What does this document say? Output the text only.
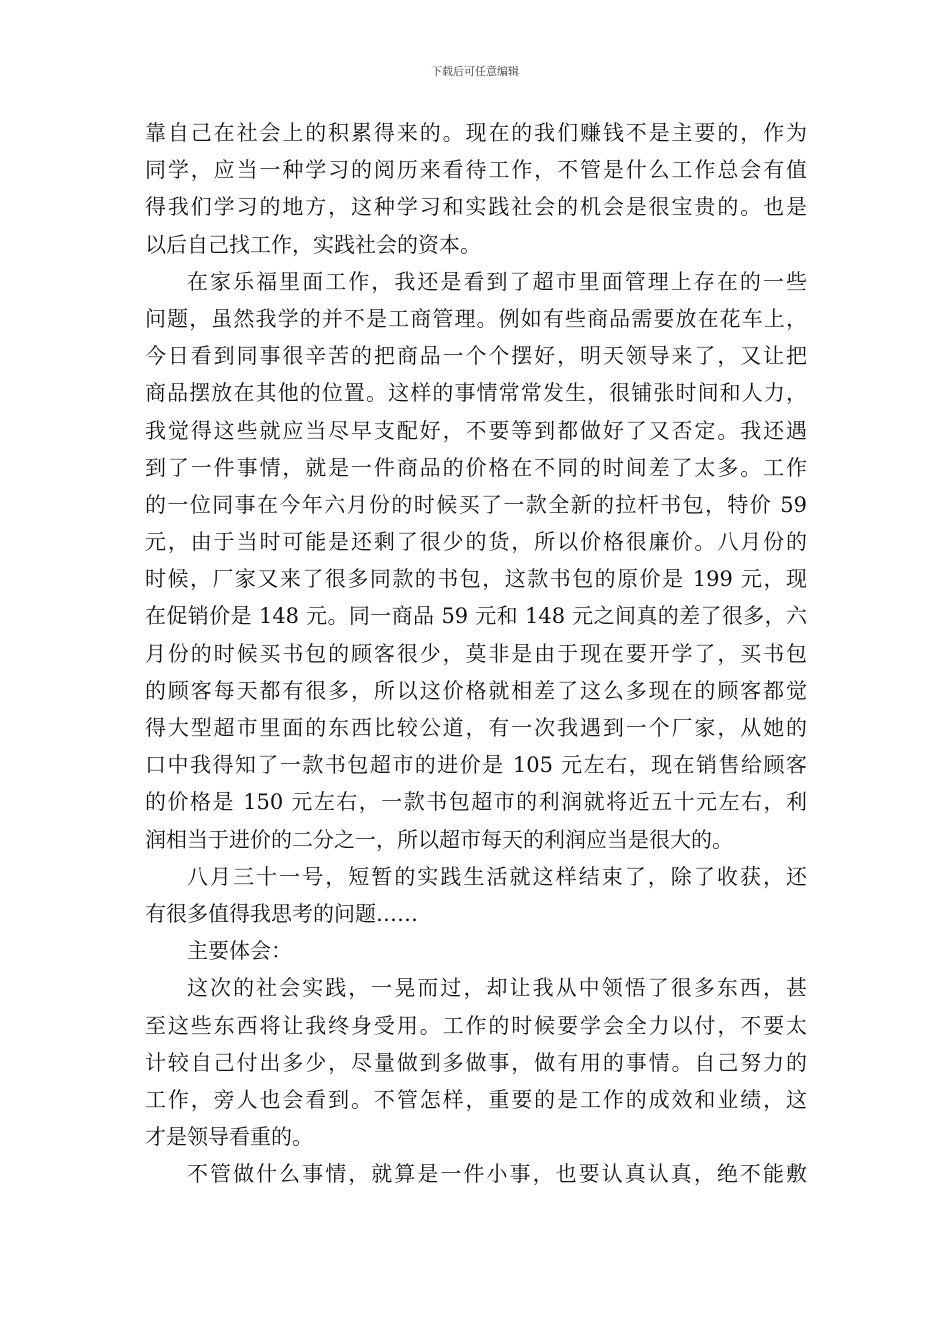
下载后可任意编辑
靠自己在社会上的积累得来的。现在的我们赚钱不是主要的，作为
同学，应当一种学习的阅历来看待工作，不管是什么工作总会有值
得我们学习的地方，这种学习和实践社会的机会是很宝贵的。也是
以后自己找工作，实践社会的资本。
在家乐福里面工作，我还是看到了超市里面管理上存在的一些
问题，虽然我学的并不是工商管理。例如有些商品需要放在花车上，
今日看到同事很辛苦的把商品一个个摆好，明天领导来了，又让把
商品摆放在其他的位置。这样的事情常常发生，很铺张时间和人力，
我觉得这些就应当尽早支配好，不要等到都做好了又否定。我还遇
到了一件事情，就是一件商品的价格在不同的时间差了太多。工作
的一位同事在今年六月份的时候买了一款全新的拉杆书包，特价 59
元，由于当时可能是还剩了很少的货，所以价格很廉价。八月份的
时候，厂家又来了很多同款的书包，这款书包的原价是 199 元，现
在促销价是 148 元。同一商品 59 元和 148 元之间真的差了很多，六
月份的时候买书包的顾客很少，莫非是由于现在要开学了，买书包
的顾客每天都有很多，所以这价格就相差了这么多现在的顾客都觉
得大型超市里面的东西比较公道，有一次我遇到一个厂家，从她的
口中我得知了一款书包超市的进价是 105 元左右，现在销售给顾客
的价格是 150 元左右，一款书包超市的利润就将近五十元左右，利
润相当于进价的二分之一，所以超市每天的利润应当是很大的。
八月三十一号，短暂的实践生活就这样结束了，除了收获，还
有很多值得我思考的问题……
主要体会：
这次的社会实践，一晃而过，却让我从中领悟了很多东西，甚
至这些东西将让我终身受用。工作的时候要学会全力以付，不要太
计较自己付出多少，尽量做到多做事，做有用的事情。自己努力的
工作，旁人也会看到。不管怎样，重要的是工作的成效和业绩，这
才是领导看重的。
不管做什么事情，就算是一件小事，也要认真认真，绝不能敷
